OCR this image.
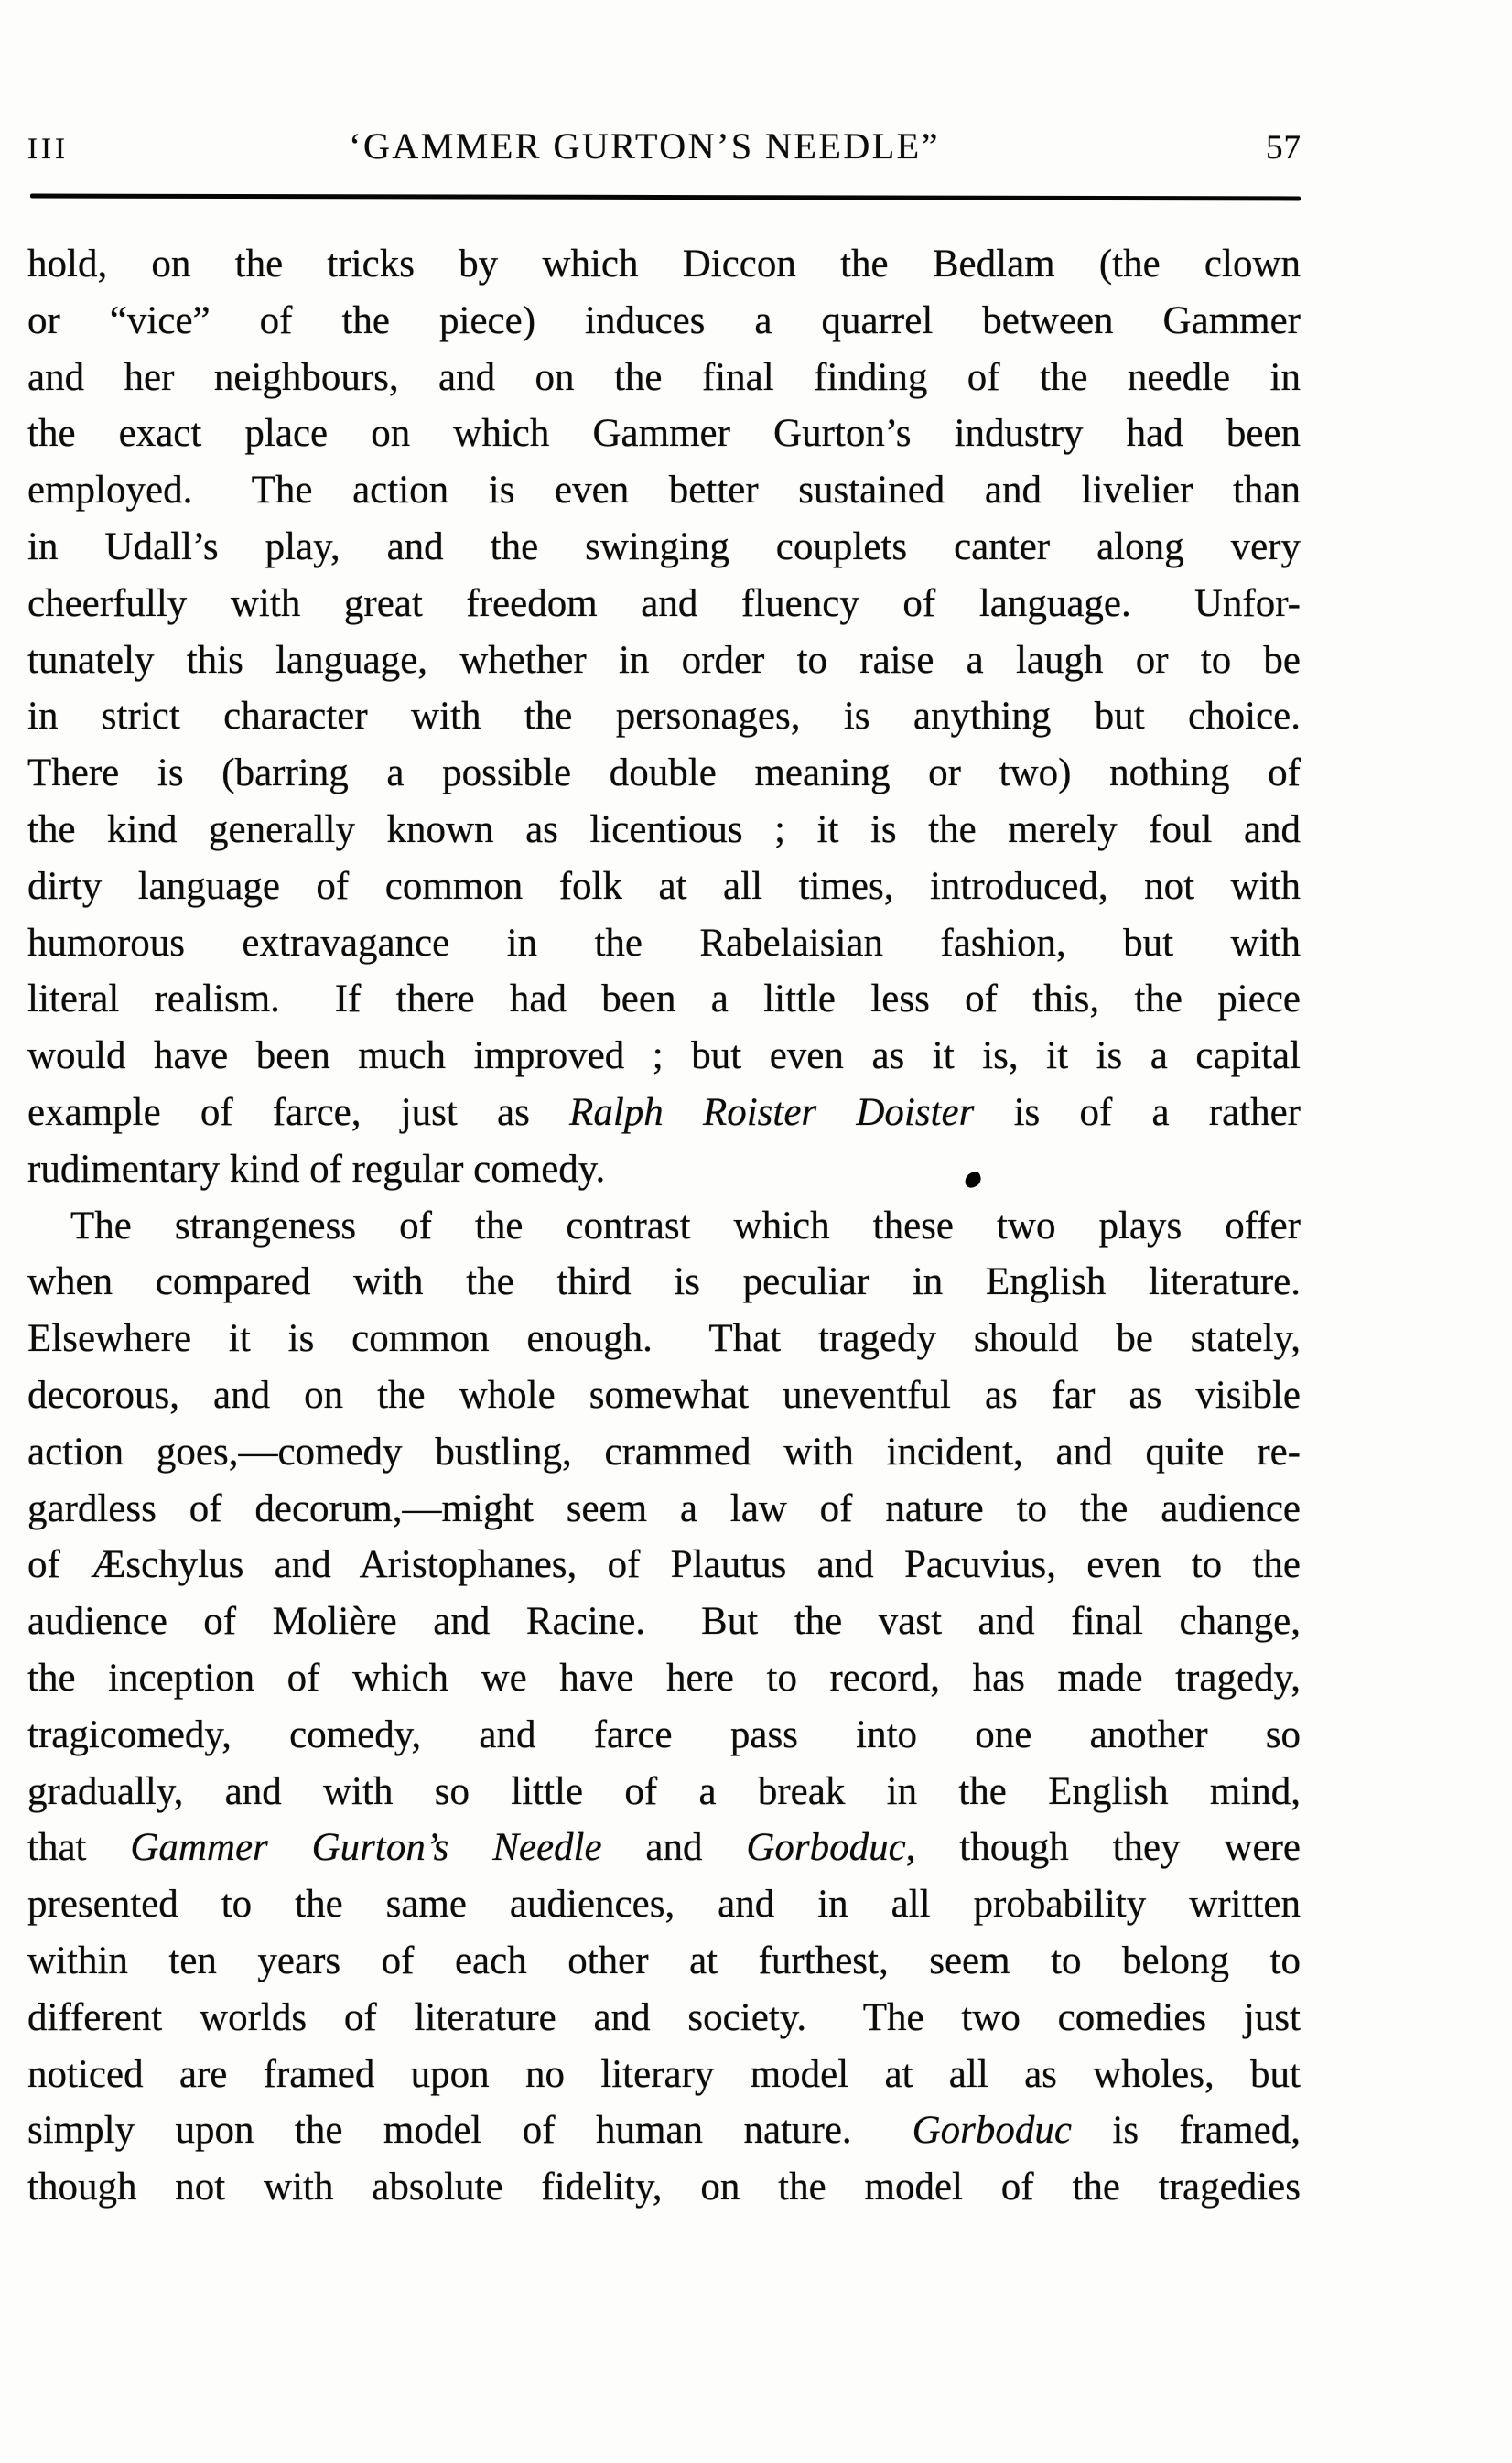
III	‘GAMMER GURTON’S NEEDLE”	57
hold, on the tricks by which Diccon the Bedlam (the clown
or “vice” of the piece) induces a quarrel between Gammer
and her neighbours, and on the final finding of the needle in
the exact place on which Gammer Gurton’s industry had been
employed.  The action is even better sustained and livelier than
in Udall’s play, and the swinging couplets canter along very
cheerfully with great freedom and fluency of language.  Unfor-
tunately this language, whether in order to raise a laugh or to be
in strict character with the personages, is anything but choice.
There is (barring a possible double meaning or two) nothing of
the kind generally known as licentious ; it is the merely foul and
dirty language of common folk at all times, introduced, not with
humorous extravagance in the Rabelaisian fashion, but with
literal realism.  If there had been a little less of this, the piece
would have been much improved ; but even as it is, it is a capital
example of farce, just as Ralph Roister Doister is of a rather
rudimentary kind of regular comedy.
The strangeness of the contrast which these two plays offer
when compared with the third is peculiar in English literature.
Elsewhere it is common enough.  That tragedy should be stately,
decorous, and on the whole somewhat uneventful as far as visible
action goes,—comedy bustling, crammed with incident, and quite re-
gardless of decorum,—might seem a law of nature to the audience
of Æschylus and Aristophanes, of Plautus and Pacuvius, even to the
audience of Molière and Racine.  But the vast and final change,
the inception of which we have here to record, has made tragedy,
tragicomedy, comedy, and farce pass into one another so
gradually, and with so little of a break in the English mind,
that Gammer Gurton’s Needle and Gorboduc, though they were
presented to the same audiences, and in all probability written
within ten years of each other at furthest, seem to belong to
different worlds of literature and society.  The two comedies just
noticed are framed upon no literary model at all as wholes, but
simply upon the model of human nature.  Gorboduc is framed,
though not with absolute fidelity, on the model of the tragedies
